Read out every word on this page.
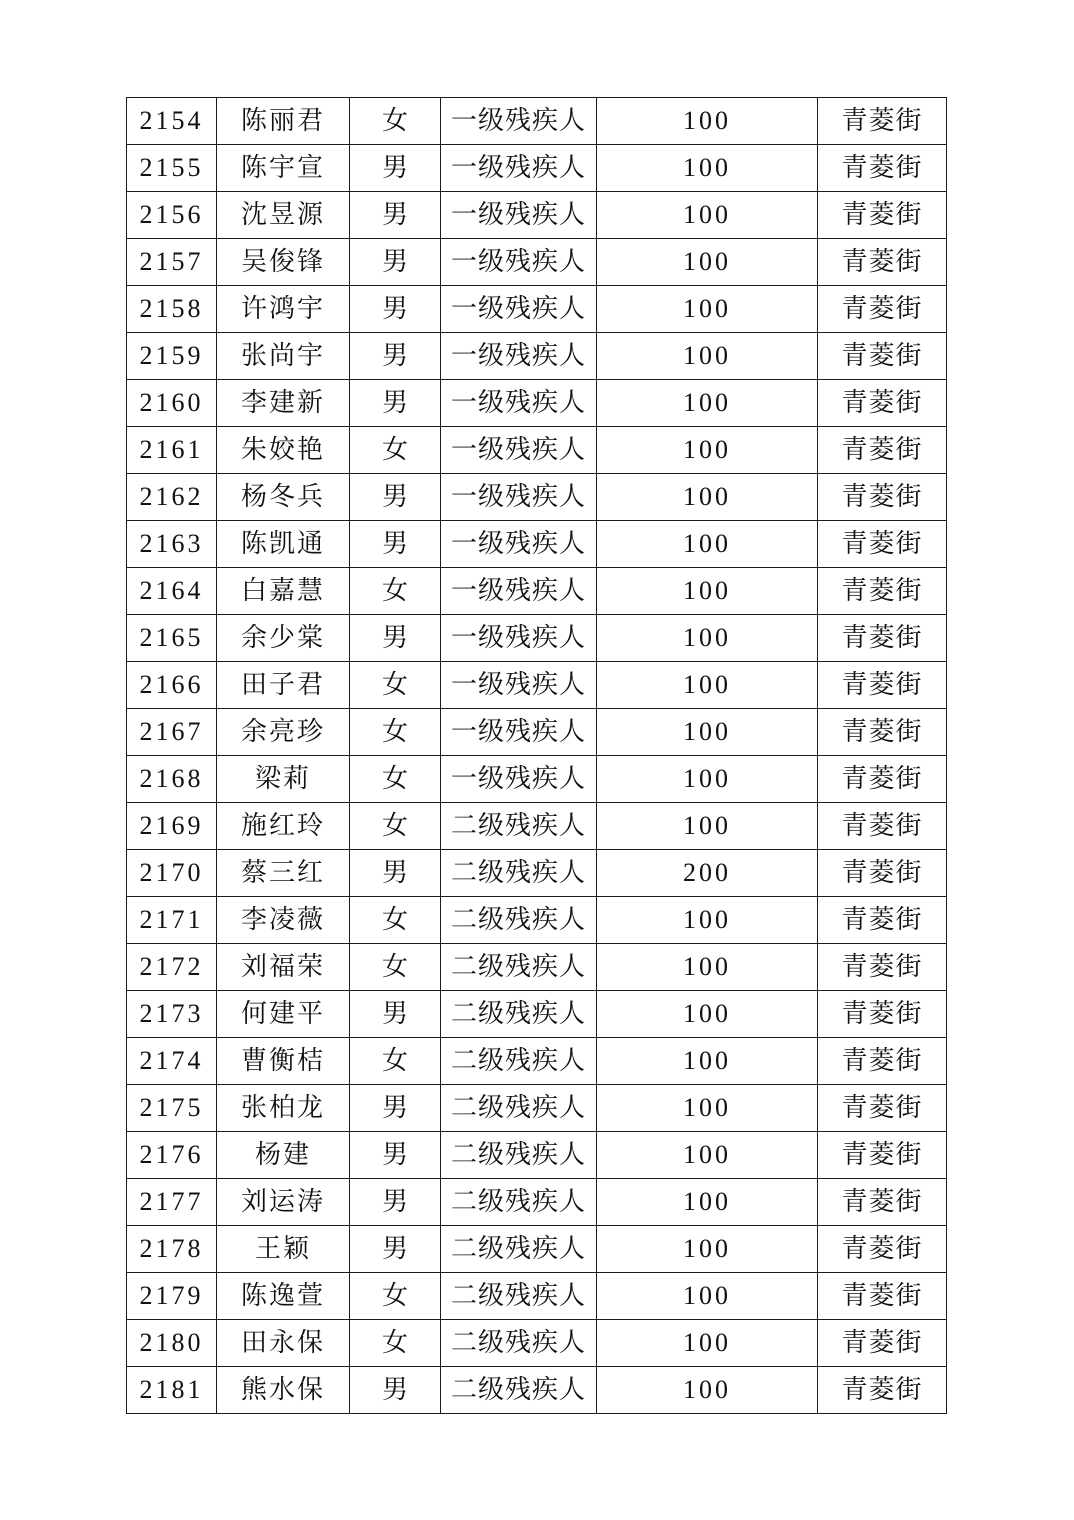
2154	陈丽君	女	一级残疾人	100	青菱街
2155	陈宇宣	男	一级残疾人	100	青菱街
2156	沈昱源	男	一级残疾人	100	青菱街
2157	吴俊锋	男	一级残疾人	100	青菱街
2158	许鸿宇	男	一级残疾人	100	青菱街
2159	张尚宇	男	一级残疾人	100	青菱街
2160	李建新	男	一级残疾人	100	青菱街
2161	朱姣艳	女	一级残疾人	100	青菱街
2162	杨冬兵	男	一级残疾人	100	青菱街
2163	陈凯通	男	一级残疾人	100	青菱街
2164	白嘉慧	女	一级残疾人	100	青菱街
2165	余少棠	男	一级残疾人	100	青菱街
2166	田子君	女	一级残疾人	100	青菱街
2167	余亮珍	女	一级残疾人	100	青菱街
2168	梁莉	女	一级残疾人	100	青菱街
2169	施红玲	女	二级残疾人	100	青菱街
2170	蔡三红	男	二级残疾人	200	青菱街
2171	李凌薇	女	二级残疾人	100	青菱街
2172	刘福荣	女	二级残疾人	100	青菱街
2173	何建平	男	二级残疾人	100	青菱街
2174	曹衡桔	女	二级残疾人	100	青菱街
2175	张柏龙	男	二级残疾人	100	青菱街
2176	杨建	男	二级残疾人	100	青菱街
2177	刘运涛	男	二级残疾人	100	青菱街
2178	王颖	男	二级残疾人	100	青菱街
2179	陈逸萱	女	二级残疾人	100	青菱街
2180	田永保	女	二级残疾人	100	青菱街
2181	熊水保	男	二级残疾人	100	青菱街
